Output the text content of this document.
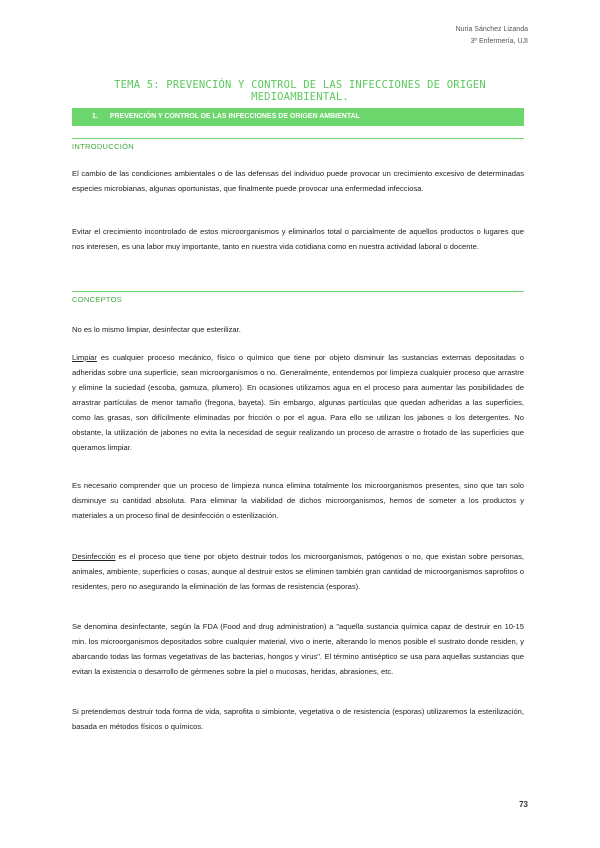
Nuria Sánchez Lizanda
3º Enfermería, UJI
TEMA 5: PREVENCIÓN Y CONTROL DE LAS INFECCIONES DE ORIGEN MEDIOAMBIENTAL.
1. PREVENCIÓN Y CONTROL DE LAS INFECCIONES DE ORIGEN AMBIENTAL
INTRODUCCIÓN
El cambio de las condiciones ambientales o de las defensas del individuo puede provocar un crecimiento excesivo de determinadas especies microbianas, algunas oportunistas, que finalmente puede provocar una enfermedad infecciosa.
Evitar el crecimiento incontrolado de estos microorganismos y eliminarlos total o parcialmente de aquellos productos o lugares que nos interesen, es una labor muy importante, tanto en nuestra vida cotidiana como en nuestra actividad laboral o docente.
CONCEPTOS
No es lo mismo limpiar, desinfectar que esterilizar.
Limpiar es cualquier proceso mecánico, físico o químico que tiene por objeto disminuir las sustancias externas depositadas o adheridas sobre una superficie, sean microorganismos o no. Generalmente, entendemos por limpieza cualquier proceso que arrastre y elimine la suciedad (escoba, gamuza, plumero). En ocasiones utilizamos agua en el proceso para aumentar las posibilidades de arrastrar partículas de menor tamaño (fregona, bayeta). Sin embargo, algunas partículas que quedan adheridas a las superficies, como las grasas, son difícilmente eliminadas por fricción o por el agua. Para ello se utilizan los jabones o los detergentes. No obstante, la utilización de jabones no evita la necesidad de seguir realizando un proceso de arrastre o frotado de las superficies que queramos limpiar.
Es necesario comprender que un proceso de limpieza nunca elimina totalmente los microorganismos presentes, sino que tan solo disminuye su cantidad absoluta. Para eliminar la viabilidad de dichos microorganismos, hemos de someter a los productos y materiales a un proceso final de desinfección o esterilización.
Desinfección es el proceso que tiene por objeto destruir todos los microorganismos, patógenos o no, que existan sobre personas, animales, ambiente, superficies o cosas, aunque al destruir estos se eliminen también gran cantidad de microorganismos saprofitos o residentes, pero no asegurando la eliminación de las formas de resistencia (esporas).
Se denomina desinfectante, según la FDA (Food and drug administration) a "aquella sustancia química capaz de destruir en 10-15 min. los microorganismos depositados sobre cualquier material, vivo o inerte, alterando lo menos posible el sustrato donde residen, y abarcando todas las formas vegetativas de las bacterias, hongos y virus". El término antiséptico se usa para aquellas sustancias que evitan la existencia o desarrollo de gérmenes sobre la piel o mucosas, heridas, abrasiones, etc.
Si pretendemos destruir toda forma de vida, saprofita o simbionte, vegetativa o de resistencia (esporas) utilizaremos la esterilización, basada en métodos físicos o químicos.
73
